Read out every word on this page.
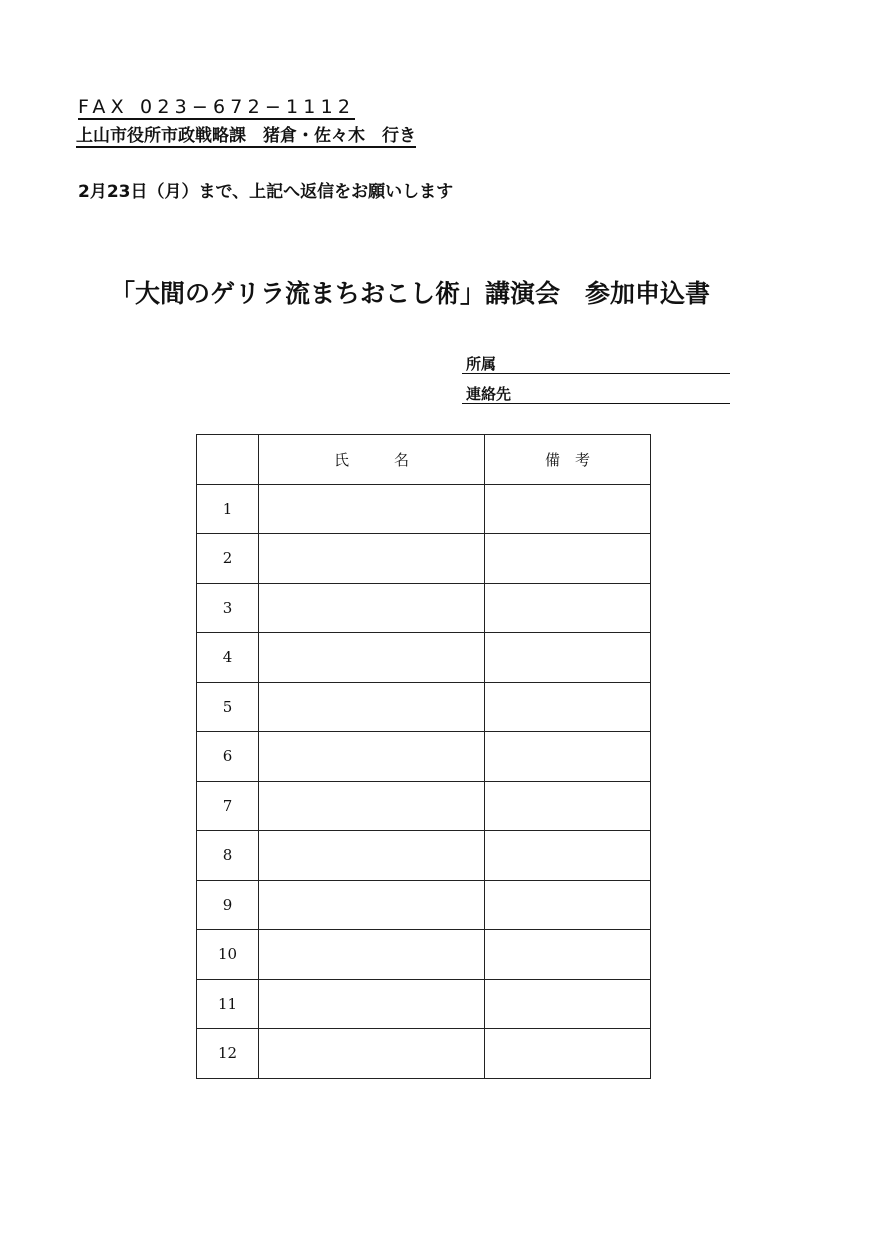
FAX 023−672−1112
上山市役所市政戦略課　猪倉・佐々木　行き
2月23日（月）まで、上記へ返信をお願いします
「大間のゲリラ流まちおこし術」講演会　参加申込書
所属
連絡先
	氏　　　名	備　考
1		
2		
3		
4		
5		
6		
7		
8		
9		
10		
11		
12		
